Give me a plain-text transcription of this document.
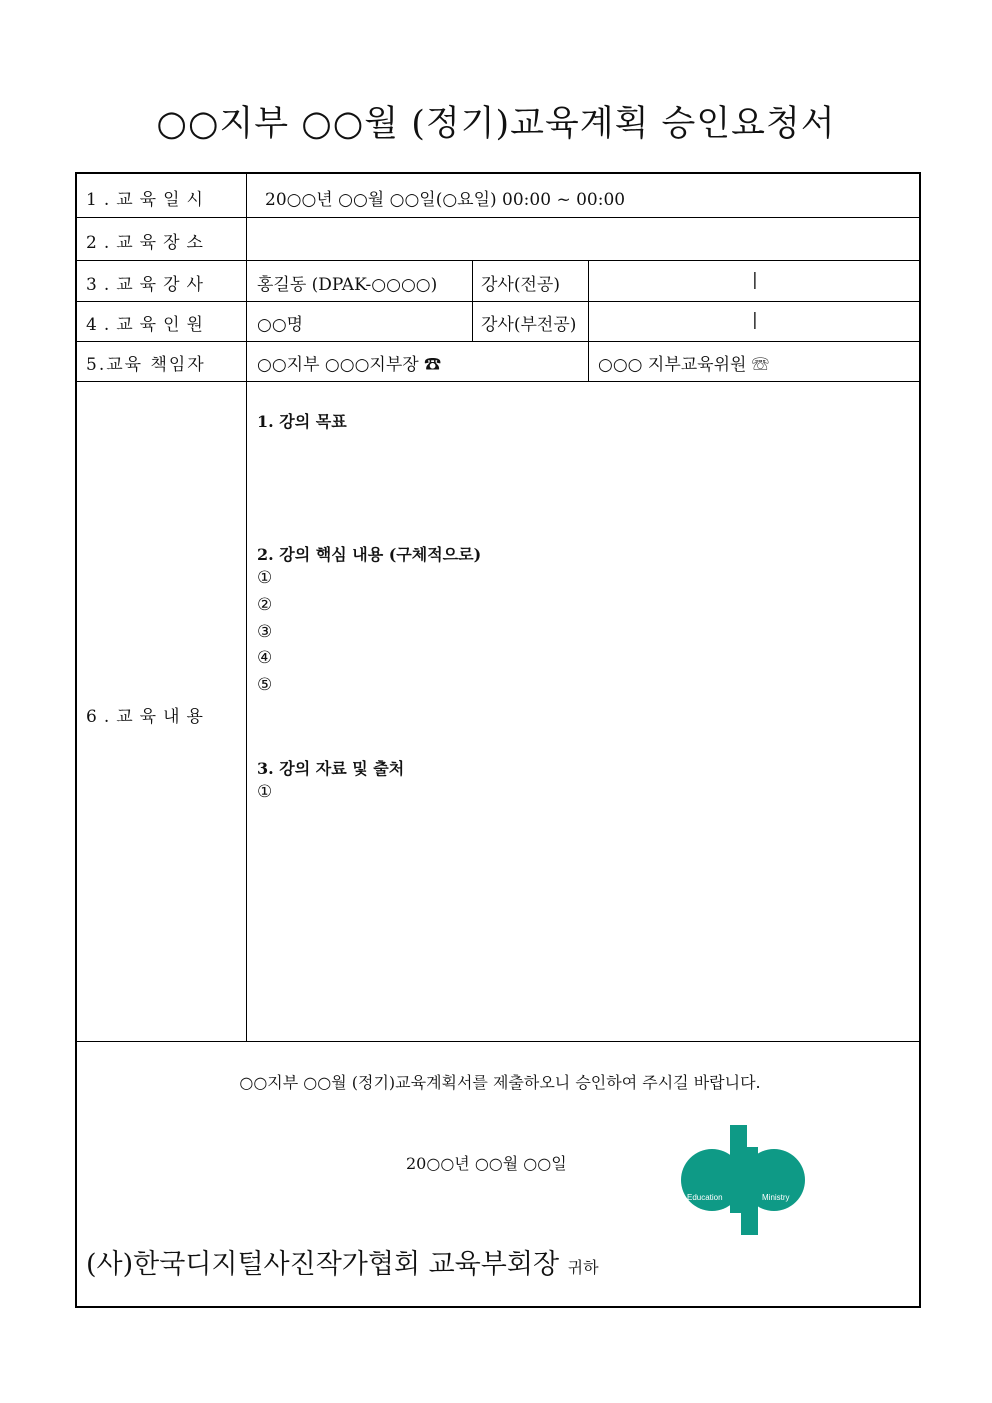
○○지부 ○○월 (정기)교육계획 승인요청서
1.교육일시	20○○년 ○○월 ○○일(○요일) 00:00 ~ 00:00
2.교육장소
3.교육강사	홍길동 (DPAK-○○○○)	강사(전공)	|
4.교육인원	○○명	강사(부전공)	|
5.교육 책임자	○○지부 ○○○지부장 ☎	○○○ 지부교육위원 ☏
6.교육내용
1. 강의 목표
2. 강의 핵심 내용 (구체적으로)
①
②
③
④
⑤
3. 강의 자료 및 출처
①
○○지부 ○○월 (정기)교육계획서를 제출하오니 승인하여 주시길 바랍니다.
20○○년 ○○월 ○○일
Education	Ministry
(사)한국디지털사진작가협회 교육부회장 귀하
